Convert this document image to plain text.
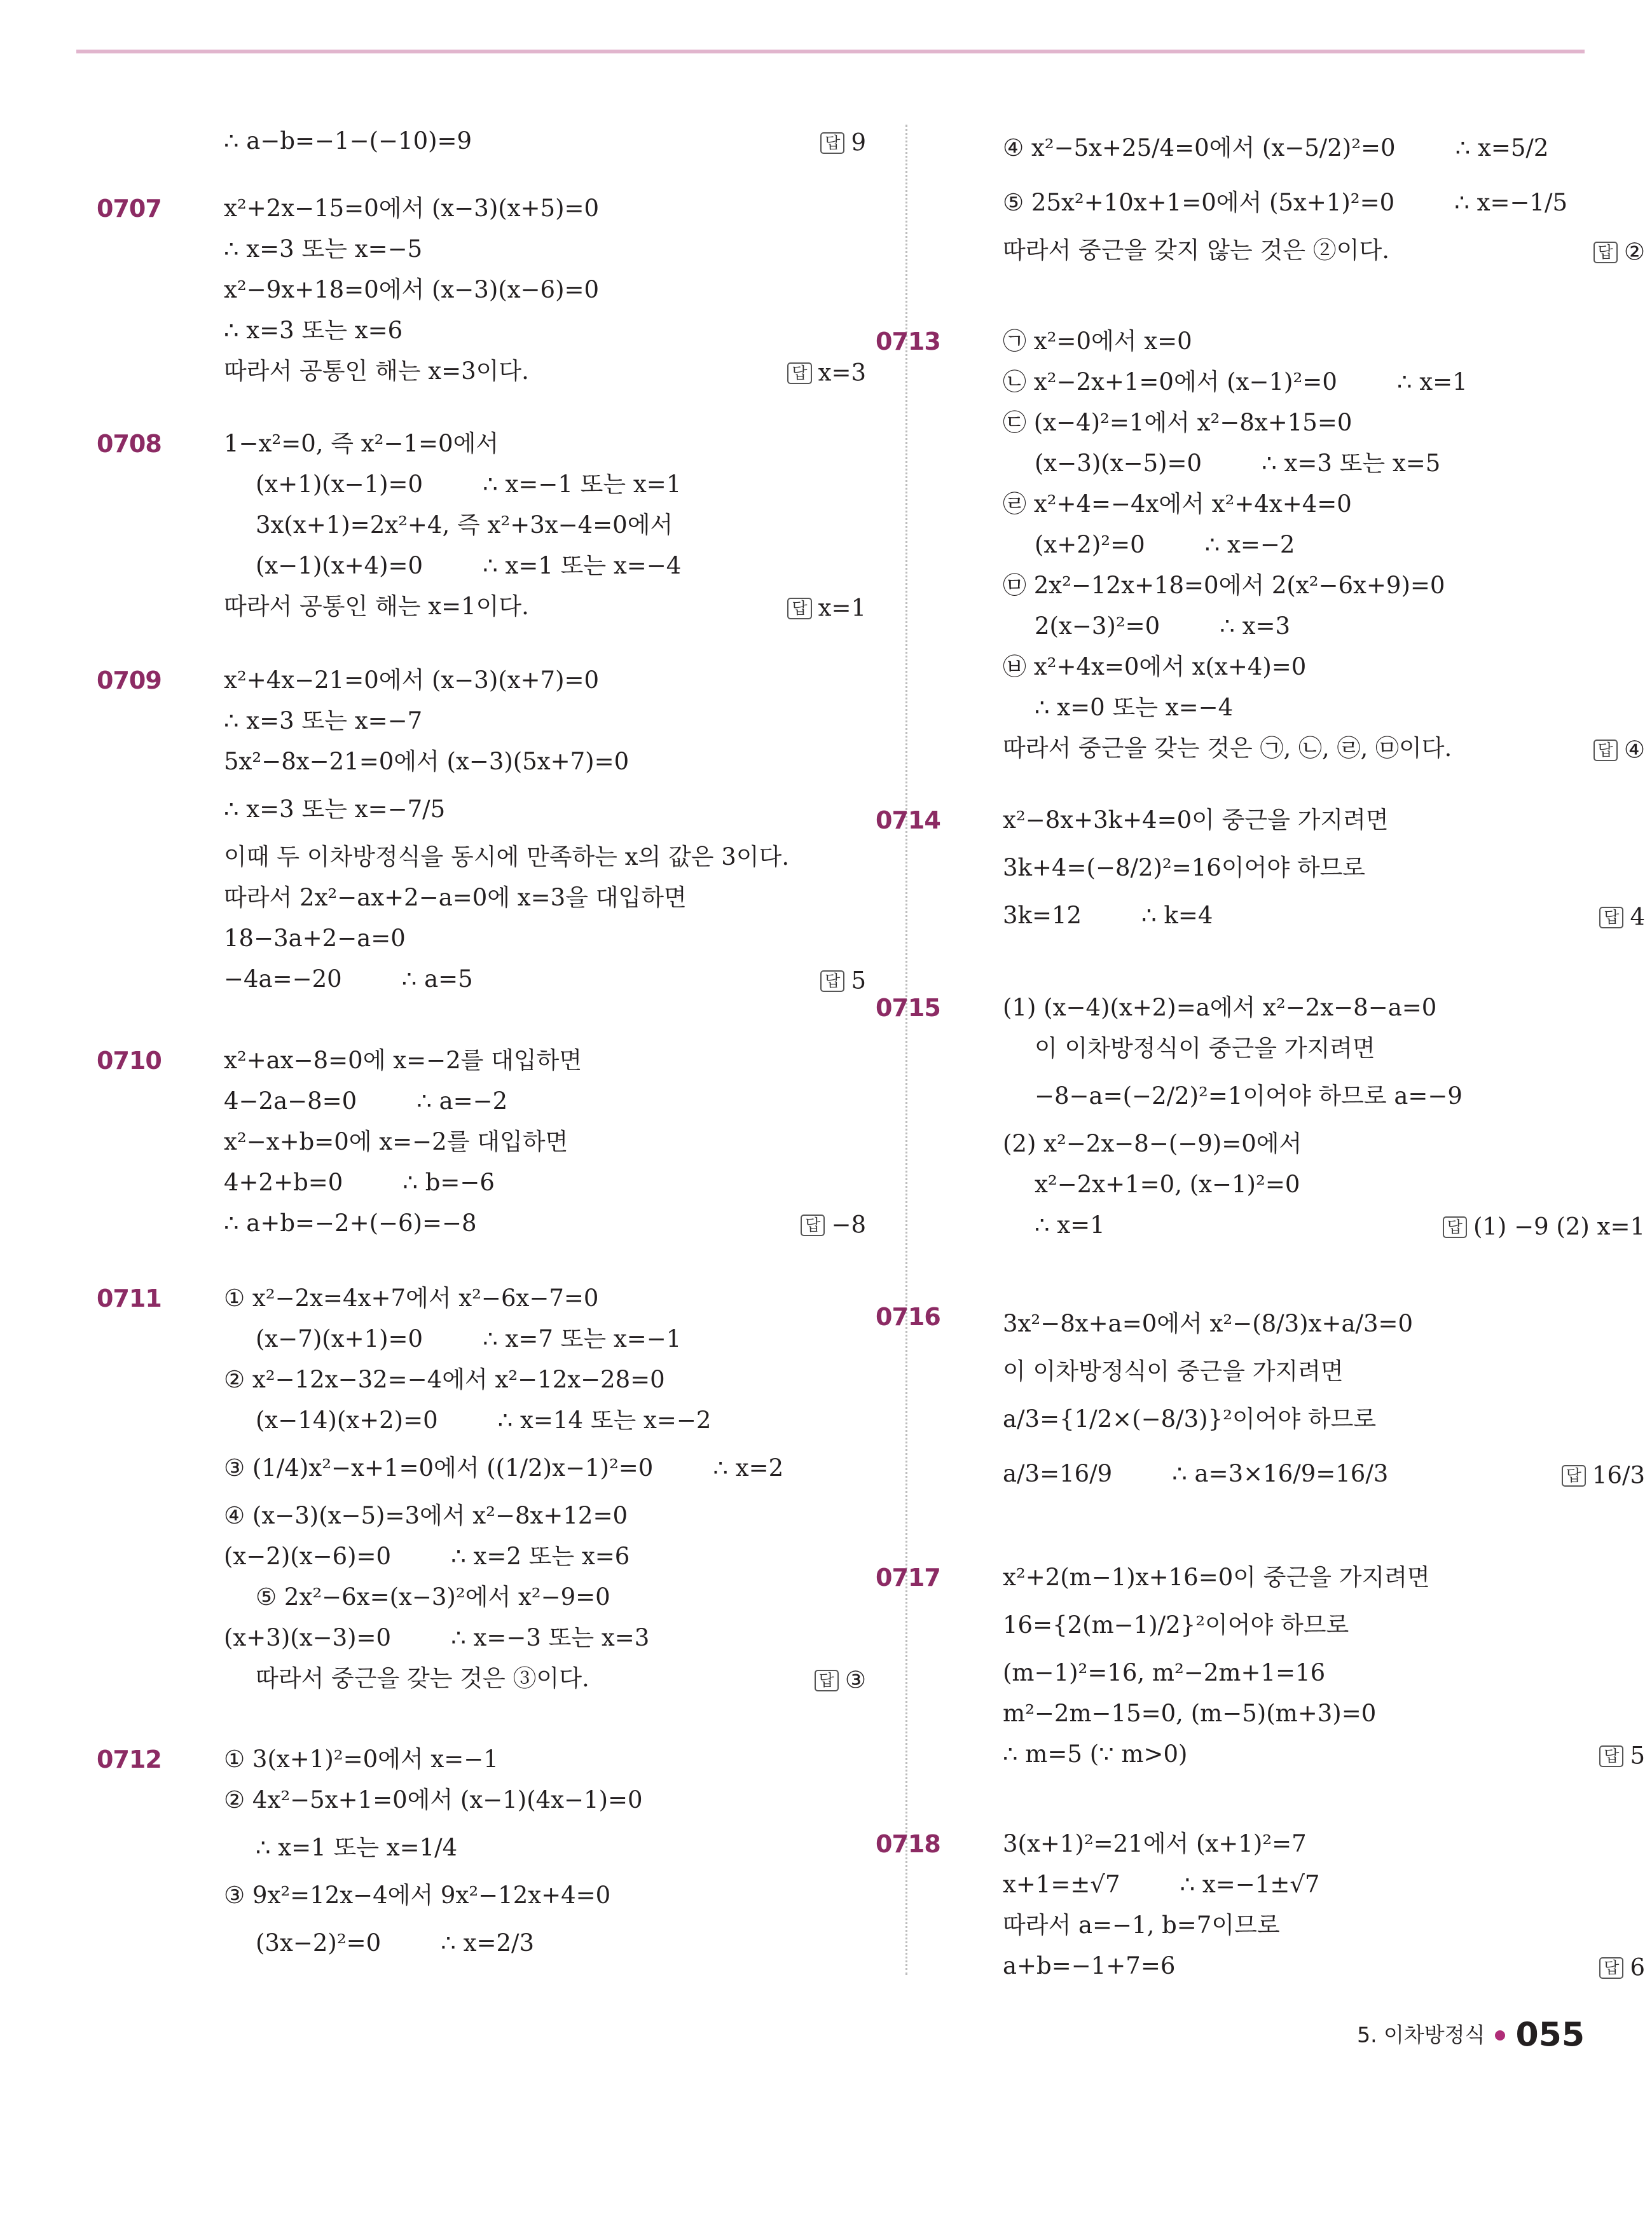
∴ a−b=−1−(−10)=9	답 9
0707	x²+2x−15=0에서 (x−3)(x+5)=0
∴ x=3 또는 x=−5
x²−9x+18=0에서 (x−3)(x−6)=0
∴ x=3 또는 x=6
따라서 공통인 해는 x=3이다.	답 x=3
0708	1−x²=0, 즉 x²−1=0에서
(x+1)(x−1)=0        ∴ x=−1 또는 x=1
3x(x+1)=2x²+4, 즉 x²+3x−4=0에서
(x−1)(x+4)=0        ∴ x=1 또는 x=−4
따라서 공통인 해는 x=1이다.	답 x=1
0709	x²+4x−21=0에서 (x−3)(x+7)=0
∴ x=3 또는 x=−7
5x²−8x−21=0에서 (x−3)(5x+7)=0
∴ x=3 또는 x=−7/5
이때 두 이차방정식을 동시에 만족하는 x의 값은 3이다.
따라서 2x²−ax+2−a=0에 x=3을 대입하면
18−3a+2−a=0
−4a=−20        ∴ a=5	답 5
0710	x²+ax−8=0에 x=−2를 대입하면
4−2a−8=0        ∴ a=−2
x²−x+b=0에 x=−2를 대입하면
4+2+b=0        ∴ b=−6
∴ a+b=−2+(−6)=−8	답 −8
0711	① x²−2x=4x+7에서 x²−6x−7=0
(x−7)(x+1)=0        ∴ x=7 또는 x=−1
② x²−12x−32=−4에서 x²−12x−28=0
(x−14)(x+2)=0        ∴ x=14 또는 x=−2
③ (1/4)x²−x+1=0에서 ((1/2)x−1)²=0        ∴ x=2
④ (x−3)(x−5)=3에서 x²−8x+12=0
(x−2)(x−6)=0        ∴ x=2 또는 x=6
⑤ 2x²−6x=(x−3)²에서 x²−9=0
(x+3)(x−3)=0        ∴ x=−3 또는 x=3
따라서 중근을 갖는 것은 ③이다.	답 ③
0712	① 3(x+1)²=0에서 x=−1
② 4x²−5x+1=0에서 (x−1)(4x−1)=0
∴ x=1 또는 x=1/4
③ 9x²=12x−4에서 9x²−12x+4=0
(3x−2)²=0        ∴ x=2/3
④ x²−5x+25/4=0에서 (x−5/2)²=0        ∴ x=5/2
⑤ 25x²+10x+1=0에서 (5x+1)²=0        ∴ x=−1/5
따라서 중근을 갖지 않는 것은 ②이다.	답 ②
0713	㉠ x²=0에서 x=0
㉡ x²−2x+1=0에서 (x−1)²=0        ∴ x=1
㉢ (x−4)²=1에서 x²−8x+15=0
(x−3)(x−5)=0        ∴ x=3 또는 x=5
㉣ x²+4=−4x에서 x²+4x+4=0
(x+2)²=0        ∴ x=−2
㉤ 2x²−12x+18=0에서 2(x²−6x+9)=0
2(x−3)²=0        ∴ x=3
㉥ x²+4x=0에서 x(x+4)=0
∴ x=0 또는 x=−4
따라서 중근을 갖는 것은 ㉠, ㉡, ㉣, ㉤이다.	답 ④
0714	x²−8x+3k+4=0이 중근을 가지려면
3k+4=(−8/2)²=16이어야 하므로
3k=12        ∴ k=4	답 4
0715	(1) (x−4)(x+2)=a에서 x²−2x−8−a=0
이 이차방정식이 중근을 가지려면
−8−a=(−2/2)²=1이어야 하므로 a=−9
(2) x²−2x−8−(−9)=0에서
x²−2x+1=0, (x−1)²=0
∴ x=1	답 (1) −9 (2) x=1
0716	3x²−8x+a=0에서 x²−(8/3)x+a/3=0
이 이차방정식이 중근을 가지려면
a/3={1/2×(−8/3)}²이어야 하므로
a/3=16/9        ∴ a=3×16/9=16/3	답 16/3
0717	x²+2(m−1)x+16=0이 중근을 가지려면
16={2(m−1)/2}²이어야 하므로
(m−1)²=16, m²−2m+1=16
m²−2m−15=0, (m−5)(m+3)=0
∴ m=5 (∵ m>0)	답 5
0718	3(x+1)²=21에서 (x+1)²=7
x+1=±√7        ∴ x=−1±√7
따라서 a=−1, b=7이므로
a+b=−1+7=6	답 6
5. 이차방정식 055
